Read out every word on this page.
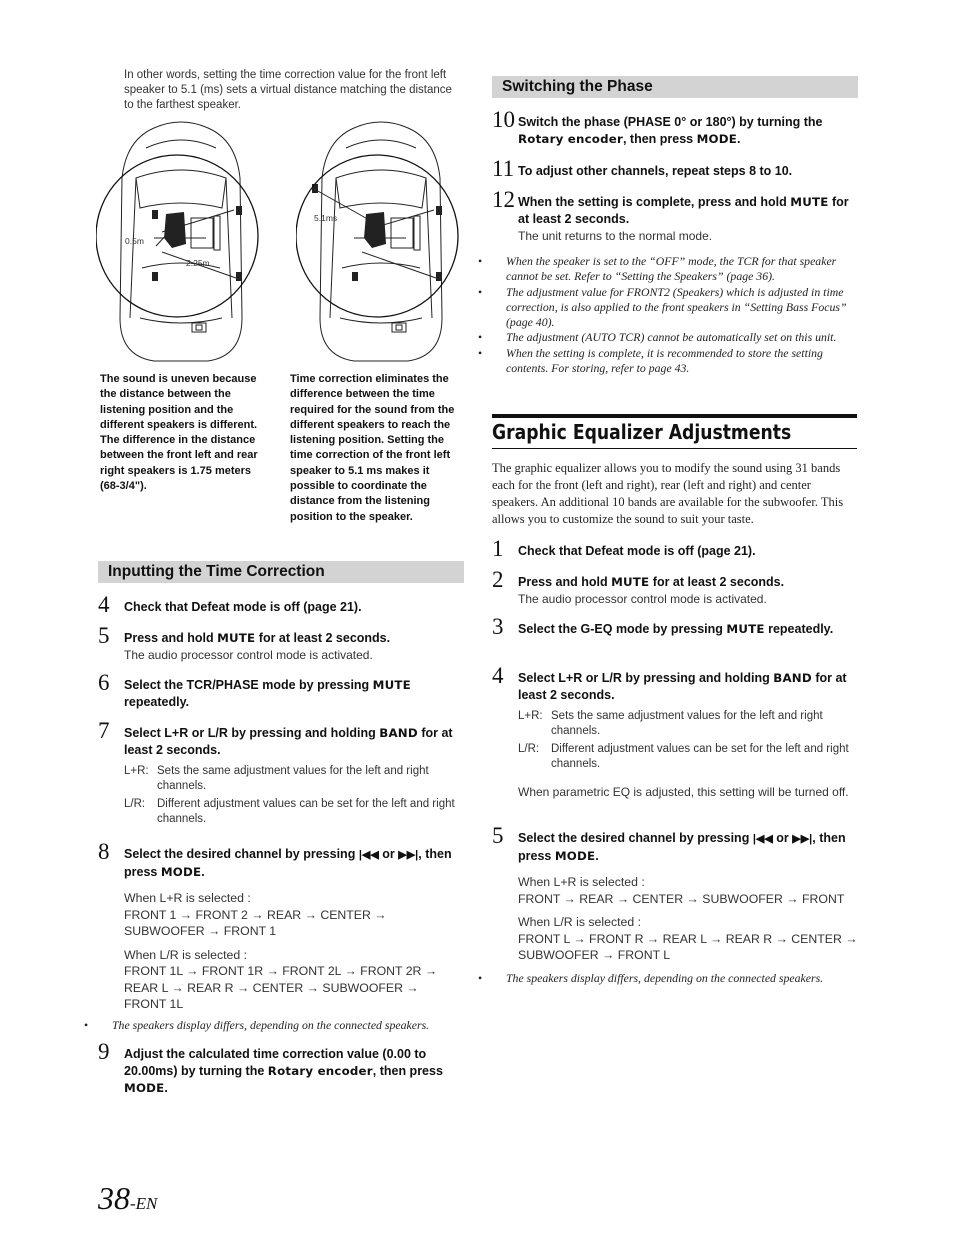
In other words, setting the time correction value for the front left speaker to 5.1 (ms) sets a virtual distance matching the distance to the farthest speaker.
0.5m
2.25m
5.1ms
The sound is uneven because the distance between the listening position and the different speakers is different. The difference in the distance between the front left and rear right speakers is 1.75 meters (68-3/4").
Time correction eliminates the difference between the time required for the sound from the different speakers to reach the listening position. Setting the time correction of the front left speaker to 5.1 ms makes it possible to coordinate the distance from the listening position to the speaker.
Inputting the Time Correction
4 Check that Defeat mode is off (page 21).
5 Press and hold MUTE for at least 2 seconds.
The audio processor control mode is activated.
6 Select the TCR/PHASE mode by pressing MUTE repeatedly.
7 Select L+R or L/R by pressing and holding BAND for at least 2 seconds.
L+R: Sets the same adjustment values for the left and right channels.
L/R:	Different adjustment values can be set for the left and right channels.
8 Select the desired channel by pressing |◀◀ or ▶▶|, then press MODE.
When L+R is selected :
FRONT 1 → FRONT 2 → REAR → CENTER → SUBWOOFER → FRONT 1
When L/R is selected :
FRONT 1L → FRONT 1R → FRONT 2L → FRONT 2R → REAR L → REAR R → CENTER → SUBWOOFER → FRONT 1L
• The speakers display differs, depending on the connected speakers.
9 Adjust the calculated time correction value (0.00 to 20.00ms) by turning the Rotary encoder, then press MODE.
Switching the Phase
10 Switch the phase (PHASE 0° or 180°) by turning the Rotary encoder, then press MODE.
11 To adjust other channels, repeat steps 8 to 10.
12 When the setting is complete, press and hold MUTE for at least 2 seconds.
The unit returns to the normal mode.
• When the speaker is set to the “OFF” mode, the TCR for that speaker cannot be set. Refer to “Setting the Speakers” (page 36).
• The adjustment value for FRONT2 (Speakers) which is adjusted in time correction, is also applied to the front speakers in “Setting Bass Focus” (page 40).
• The adjustment (AUTO TCR) cannot be automatically set on this unit.
• When the setting is complete, it is recommended to store the setting contents. For storing, refer to page 43.
Graphic Equalizer Adjustments
The graphic equalizer allows you to modify the sound using 31 bands each for the front (left and right), rear (left and right) and center speakers. An additional 10 bands are available for the subwoofer. This allows you to customize the sound to suit your taste.
1 Check that Defeat mode is off (page 21).
2 Press and hold MUTE for at least 2 seconds.
The audio processor control mode is activated.
3 Select the G-EQ mode by pressing MUTE repeatedly.
4 Select L+R or L/R by pressing and holding BAND for at least 2 seconds.
L+R: Sets the same adjustment values for the left and right channels.
L/R:	Different adjustment values can be set for the left and right channels.
When parametric EQ is adjusted, this setting will be turned off.
5 Select the desired channel by pressing |◀◀ or ▶▶|, then press MODE.
When L+R is selected :
FRONT → REAR → CENTER → SUBWOOFER → FRONT
When L/R is selected :
FRONT L → FRONT R → REAR L → REAR R → CENTER → SUBWOOFER → FRONT L
• The speakers display differs, depending on the connected speakers.
38-EN
